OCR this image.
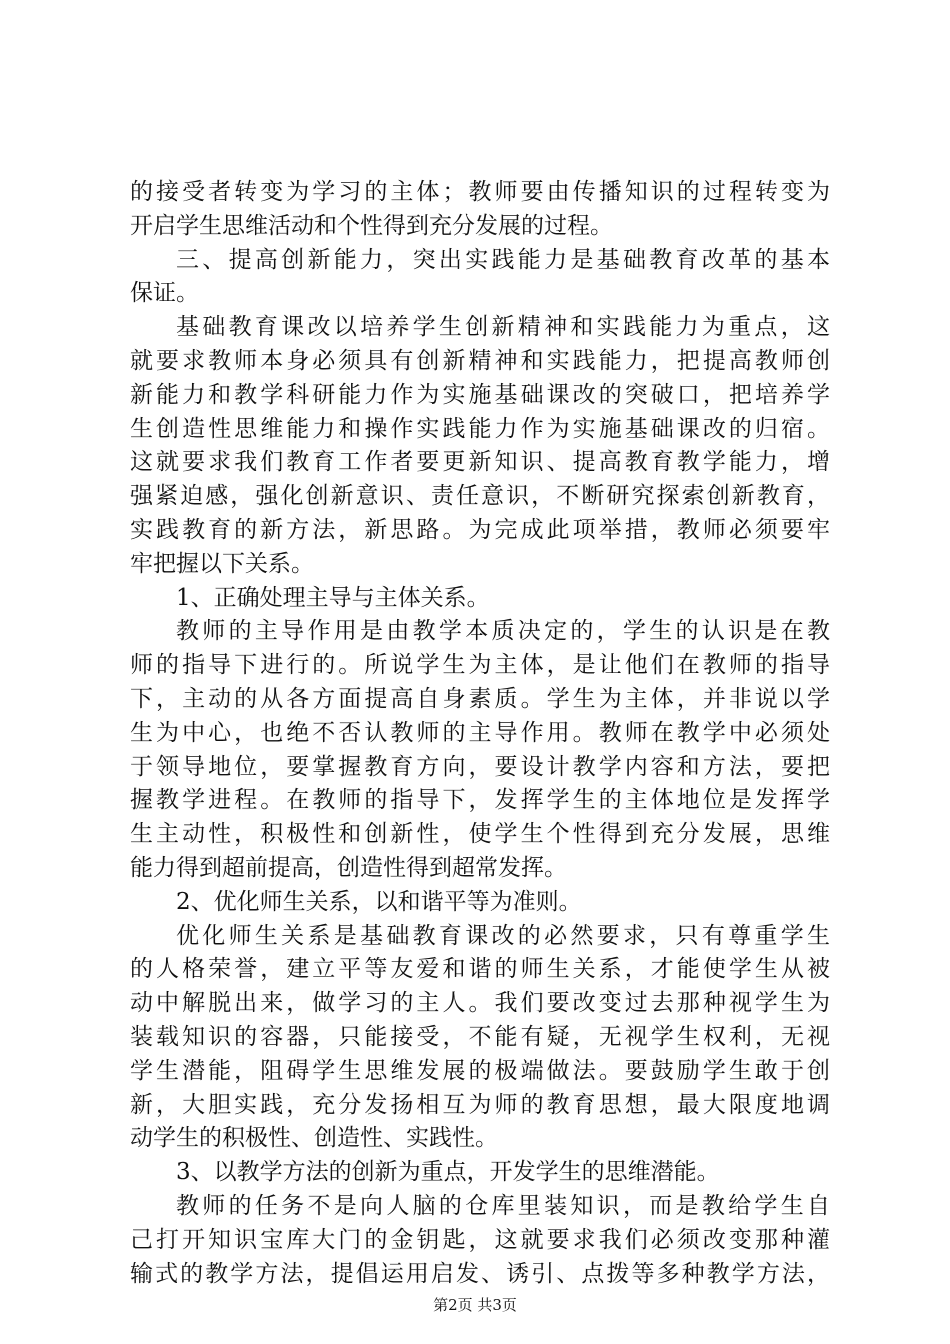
的接受者转变为学习的主体；教师要由传播知识的过程转变为
开启学生思维活动和个性得到充分发展的过程。
三、提高创新能力，突出实践能力是基础教育改革的基本
保证。
基础教育课改以培养学生创新精神和实践能力为重点，这
就要求教师本身必须具有创新精神和实践能力，把提高教师创
新能力和教学科研能力作为实施基础课改的突破口，把培养学
生创造性思维能力和操作实践能力作为实施基础课改的归宿。
这就要求我们教育工作者要更新知识、提高教育教学能力，增
强紧迫感，强化创新意识、责任意识，不断研究探索创新教育，
实践教育的新方法，新思路。为完成此项举措，教师必须要牢
牢把握以下关系。
1、正确处理主导与主体关系。
教师的主导作用是由教学本质决定的，学生的认识是在教
师的指导下进行的。所说学生为主体，是让他们在教师的指导
下，主动的从各方面提高自身素质。学生为主体，并非说以学
生为中心，也绝不否认教师的主导作用。教师在教学中必须处
于领导地位，要掌握教育方向，要设计教学内容和方法，要把
握教学进程。在教师的指导下，发挥学生的主体地位是发挥学
生主动性，积极性和创新性，使学生个性得到充分发展，思维
能力得到超前提高，创造性得到超常发挥。
2、优化师生关系，以和谐平等为准则。
优化师生关系是基础教育课改的必然要求，只有尊重学生
的人格荣誉，建立平等友爱和谐的师生关系，才能使学生从被
动中解脱出来，做学习的主人。我们要改变过去那种视学生为
装载知识的容器，只能接受，不能有疑，无视学生权利，无视
学生潜能，阻碍学生思维发展的极端做法。要鼓励学生敢于创
新，大胆实践，充分发扬相互为师的教育思想，最大限度地调
动学生的积极性、创造性、实践性。
3、以教学方法的创新为重点，开发学生的思维潜能。
教师的任务不是向人脑的仓库里装知识，而是教给学生自
己打开知识宝库大门的金钥匙，这就要求我们必须改变那种灌
输式的教学方法，提倡运用启发、诱引、点拨等多种教学方法，
第2页 共3页
